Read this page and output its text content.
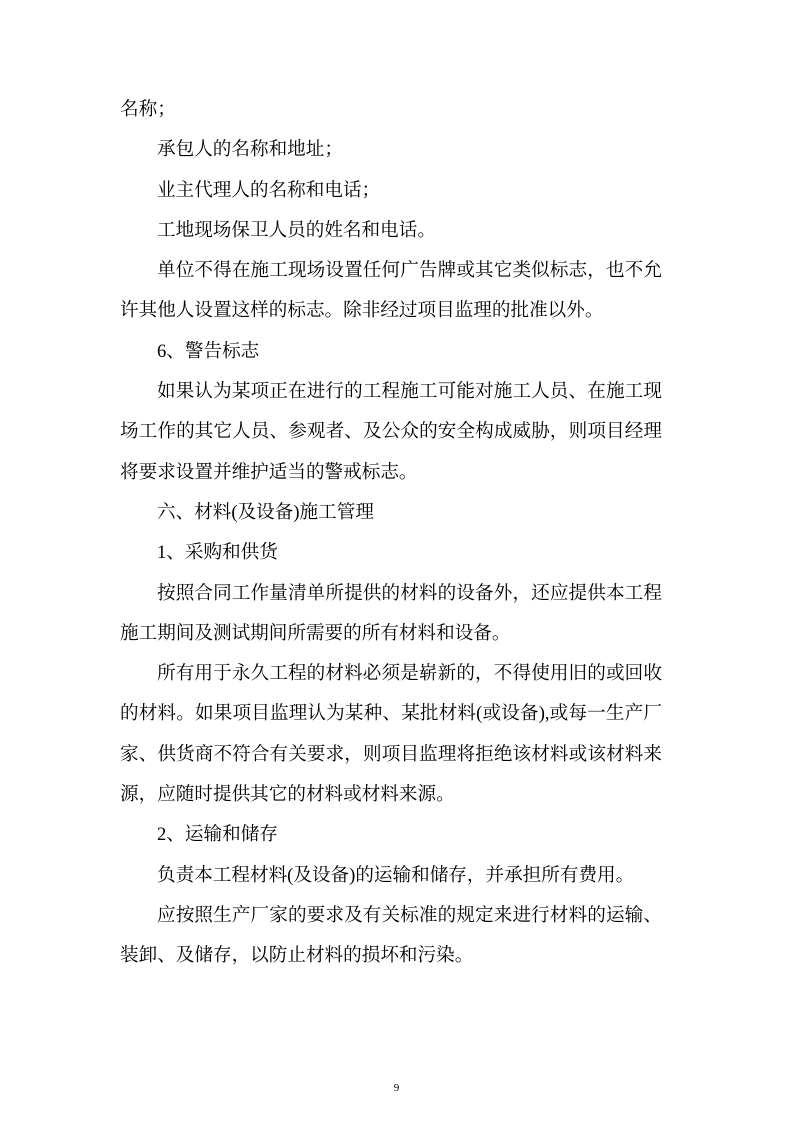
名称；
承包人的名称和地址；
业主代理人的名称和电话；
工地现场保卫人员的姓名和电话。
单位不得在施工现场设置任何广告牌或其它类似标志，也不允
许其他人设置这样的标志。除非经过项目监理的批准以外。
6、警告标志
如果认为某项正在进行的工程施工可能对施工人员、在施工现
场工作的其它人员、参观者、及公众的安全构成威胁，则项目经理
将要求设置并维护适当的警戒标志。
六、材料(及设备)施工管理
1、采购和供货
按照合同工作量清单所提供的材料的设备外，还应提供本工程
施工期间及测试期间所需要的所有材料和设备。
所有用于永久工程的材料必须是崭新的，不得使用旧的或回收
的材料。如果项目监理认为某种、某批材料(或设备),或每一生产厂
家、供货商不符合有关要求，则项目监理将拒绝该材料或该材料来
源，应随时提供其它的材料或材料来源。
2、运输和储存
负责本工程材料(及设备)的运输和储存，并承担所有费用。
应按照生产厂家的要求及有关标准的规定来进行材料的运输、
装卸、及储存，以防止材料的损坏和污染。
9
